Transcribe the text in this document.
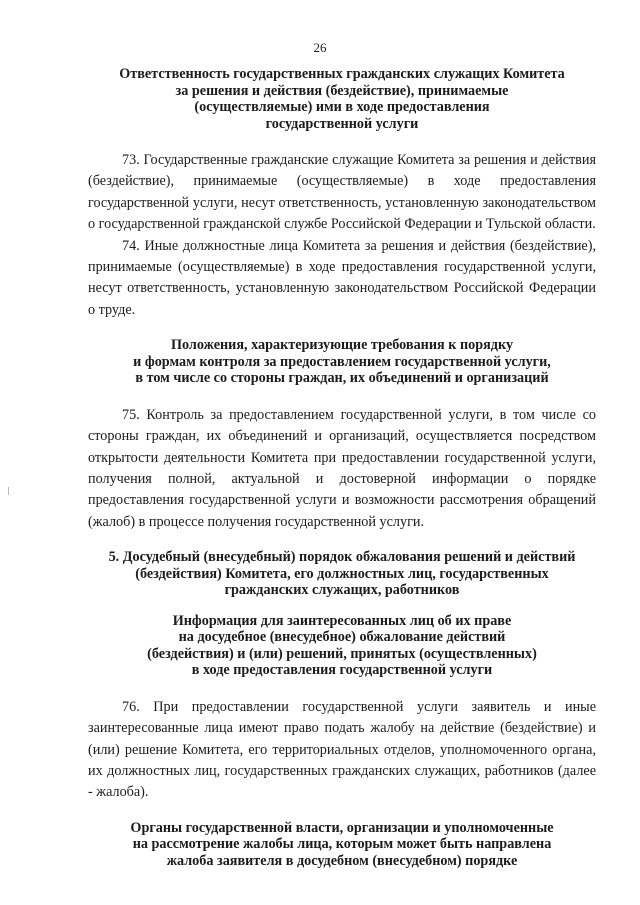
26
Ответственность государственных гражданских служащих Комитета
за решения и действия (бездействие), принимаемые
(осуществляемые) ими в ходе предоставления
государственной услуги

73. Государственные гражданские служащие Комитета за решения и действия (бездействие), принимаемые (осуществляемые) в ходе предоставления государственной услуги, несут ответственность, установленную законодательством о государственной гражданской службе Российской Федерации и Тульской области.

74. Иные должностные лица Комитета за решения и действия (бездействие), принимаемые (осуществляемые) в ходе предоставления государственной услуги, несут ответственность, установленную законодательством Российской Федерации о труде.

Положения, характеризующие требования к порядку
и формам контроля за предоставлением государственной услуги,
в том числе со стороны граждан, их объединений и организаций

75. Контроль за предоставлением государственной услуги, в том числе со стороны граждан, их объединений и организаций, осуществляется посредством открытости деятельности Комитета при предоставлении государственной услуги, получения полной, актуальной и достоверной информации о порядке предоставления государственной услуги и возможности рассмотрения обращений (жалоб) в процессе получения государственной услуги.

5. Досудебный (внесудебный) порядок обжалования решений и действий
(бездействия) Комитета, его должностных лиц, государственных
гражданских служащих, работников
Информация для заинтересованных лиц об их праве
на досудебное (внесудебное) обжалование действий
(бездействия) и (или) решений, принятых (осуществленных)
в ходе предоставления государственной услуги

76. При предоставлении государственной услуги заявитель и иные заинтересованные лица имеют право подать жалобу на действие (бездействие) и (или) решение Комитета, его территориальных отделов, уполномоченного органа, их должностных лиц, государственных гражданских служащих, работников (далее - жалоба).

Органы государственной власти, организации и уполномоченные
на рассмотрение жалобы лица, которым может быть направлена
жалоба заявителя в досудебном (внесудебном) порядке
